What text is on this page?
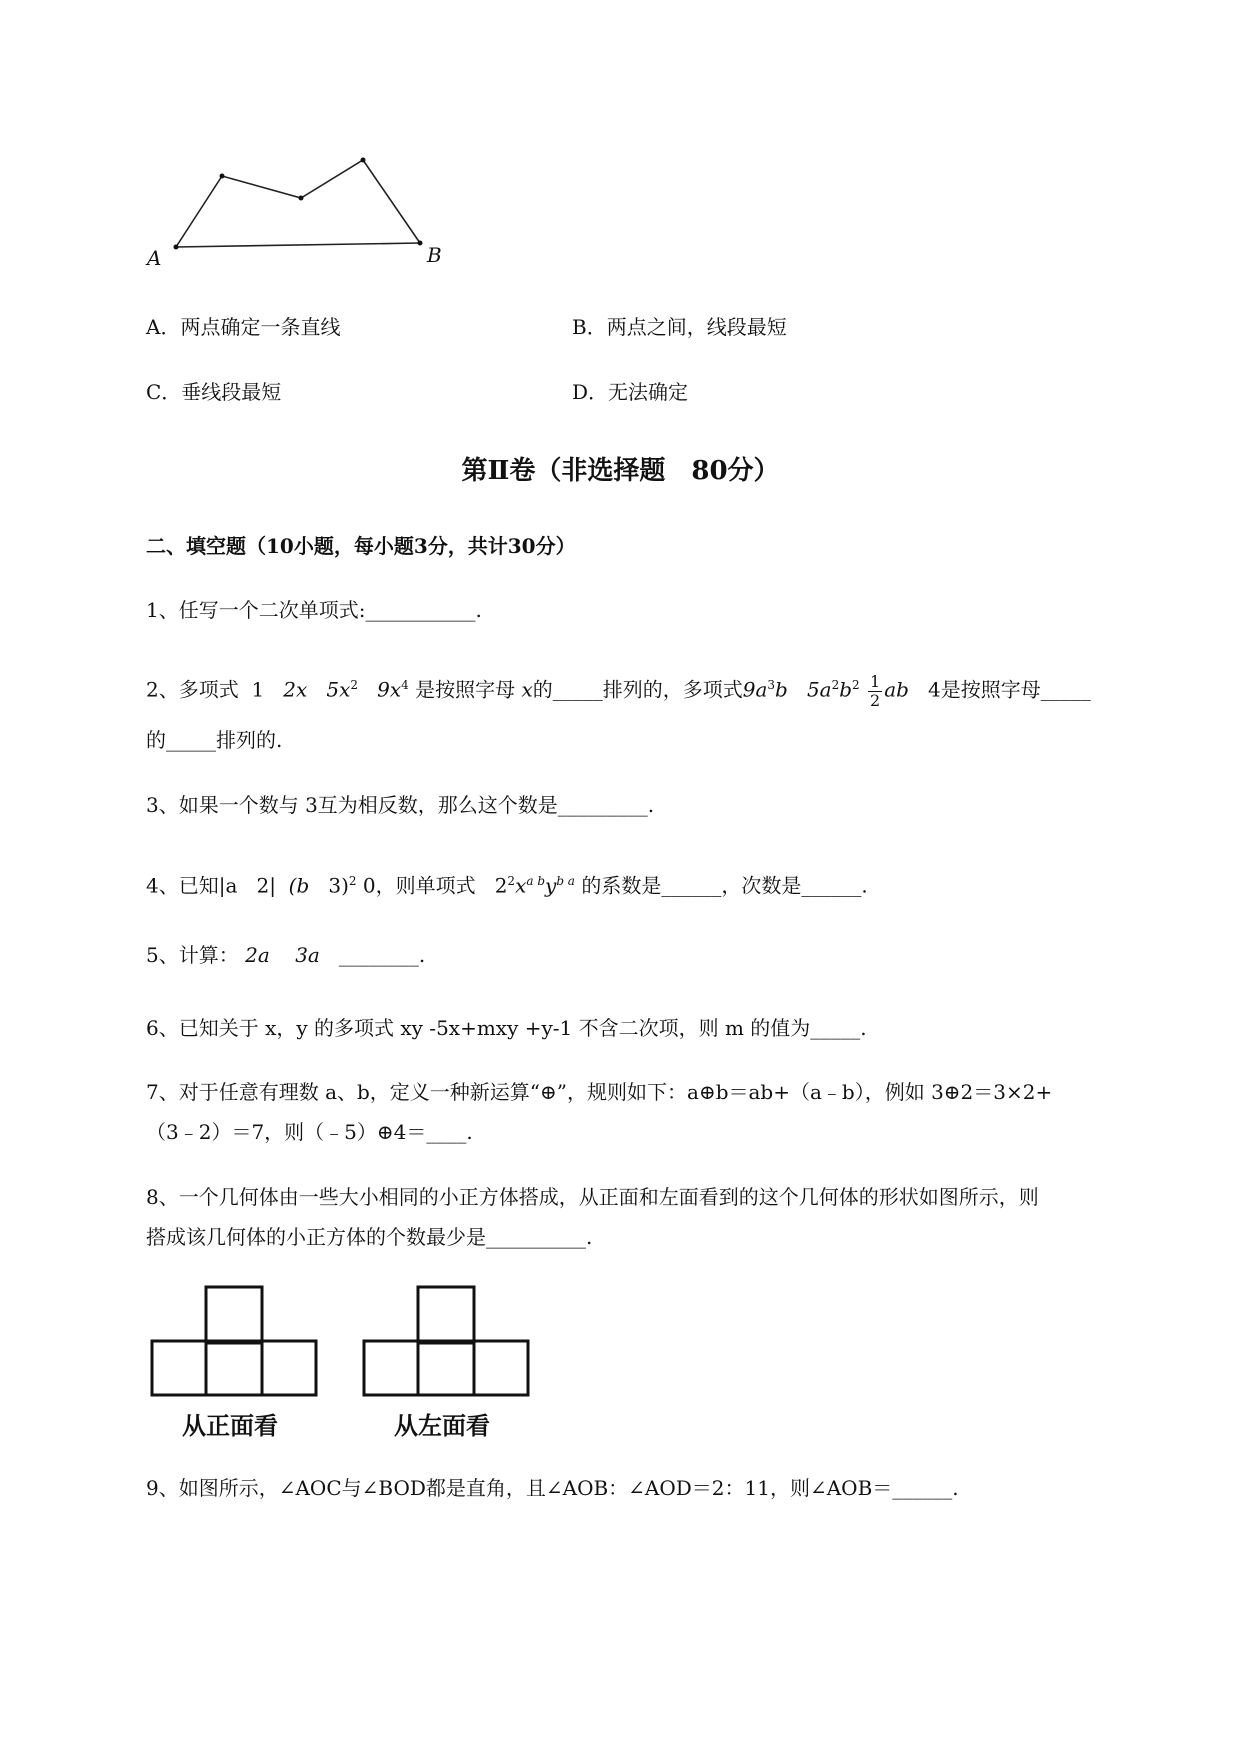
A	B
A．两点确定一条直线	B．两点之间，线段最短
C．垂线段最短	D．无法确定
第Ⅱ卷（非选择题　80分）
二、填空题（10小题，每小题3分，共计30分）
1、任写一个二次单项式:___________.
2、多项式 1 2x $5x^2$ $9x^4$ 是按照字母 x的_____排列的，多项式$9a^3b$ $5a^2b^2 \frac{1}{2}$ ab 4是按照字母_____
的_____排列的.
3、如果一个数与 3互为相反数，那么这个数是_________.
4、已知|a 2| (b 3)$^2$ 0，则单项式 $2^2x^{a b}y^{b a}$ 的系数是______，次数是______.
5、计算： 2a 3a ________.
6、已知关于 x，y 的多项式 xy -5x+mxy +y-1 不含二次项，则 m 的值为_____.
7、对于任意有理数 a、b，定义一种新运算“⊕”，规则如下：a⊕b＝ab+（a﹣b），例如 3⊕2＝3×2+
（3﹣2）＝7，则（﹣5）⊕4＝____.
8、一个几何体由一些大小相同的小正方体搭成，从正面和左面看到的这个几何体的形状如图所示，则
搭成该几何体的小正方体的个数最少是__________.
从正面看	从左面看
9、如图所示，∠AOC与∠BOD都是直角，且∠AOB：∠AOD＝2：11，则∠AOB＝______.
